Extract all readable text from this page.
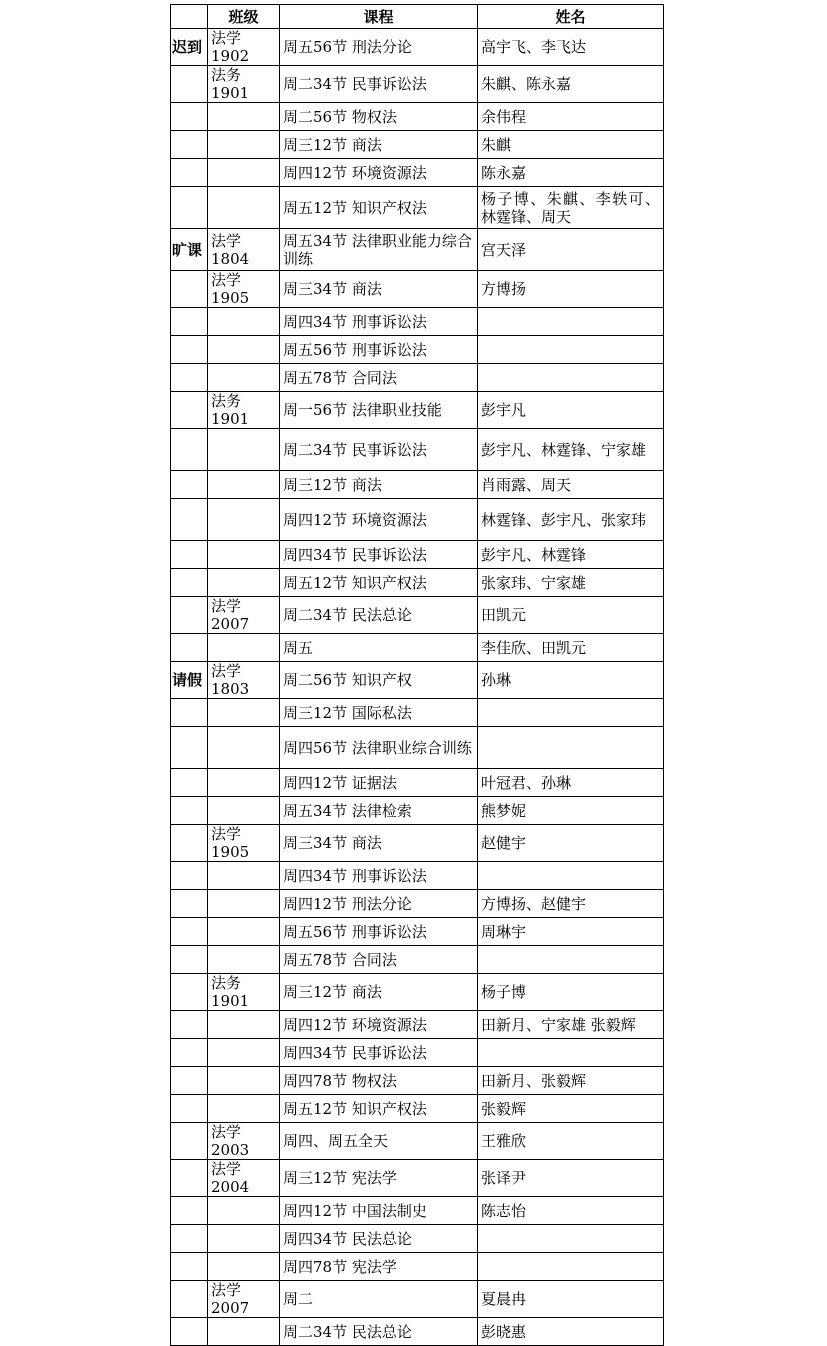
	班级	课程	姓名
迟到	法学1902	周五56节 刑法分论	高宇飞、李飞达
	法务1901	周二34节 民事诉讼法	朱麒、陈永嘉
		周二56节 物权法	余伟程
		周三12节 商法	朱麒
		周四12节 环境资源法	陈永嘉
		周五12节 知识产权法	杨子博、朱麒、李轶可、林霆锋、周天
旷课	法学1804	周五34节 法律职业能力综合训练	宫天泽
	法学1905	周三34节 商法	方博扬
		周四34节 刑事诉讼法	
		周五56节 刑事诉讼法	
		周五78节 合同法	
	法务1901	周一56节 法律职业技能	彭宇凡
		周二34节 民事诉讼法	彭宇凡、林霆锋、宁家雄
		周三12节 商法	肖雨露、周天
		周四12节 环境资源法	林霆锋、彭宇凡、张家玮
		周四34节 民事诉讼法	彭宇凡、林霆锋
		周五12节 知识产权法	张家玮、宁家雄
	法学2007	周二34节 民法总论	田凯元
		周五	李佳欣、田凯元
请假	法学1803	周二56节 知识产权	孙琳
		周三12节 国际私法	
		周四56节 法律职业综合训练	
		周四12节 证据法	叶冠君、孙琳
		周五34节 法律检索	熊梦妮
	法学1905	周三34节 商法	赵健宇
		周四34节 刑事诉讼法	
		周四12节 刑法分论	方博扬、赵健宇
		周五56节 刑事诉讼法	周琳宇
		周五78节 合同法	
	法务1901	周三12节 商法	杨子博
		周四12节 环境资源法	田新月、宁家雄 张毅辉
		周四34节 民事诉讼法	
		周四78节 物权法	田新月、张毅辉
		周五12节 知识产权法	张毅辉
	法学2003	周四、周五全天	王雅欣
	法学2004	周三12节 宪法学	张译尹
		周四12节 中国法制史	陈志怡
		周四34节 民法总论	
		周四78节 宪法学	
	法学2007	周二	夏晨冉
		周二34节 民法总论	彭晓惠
